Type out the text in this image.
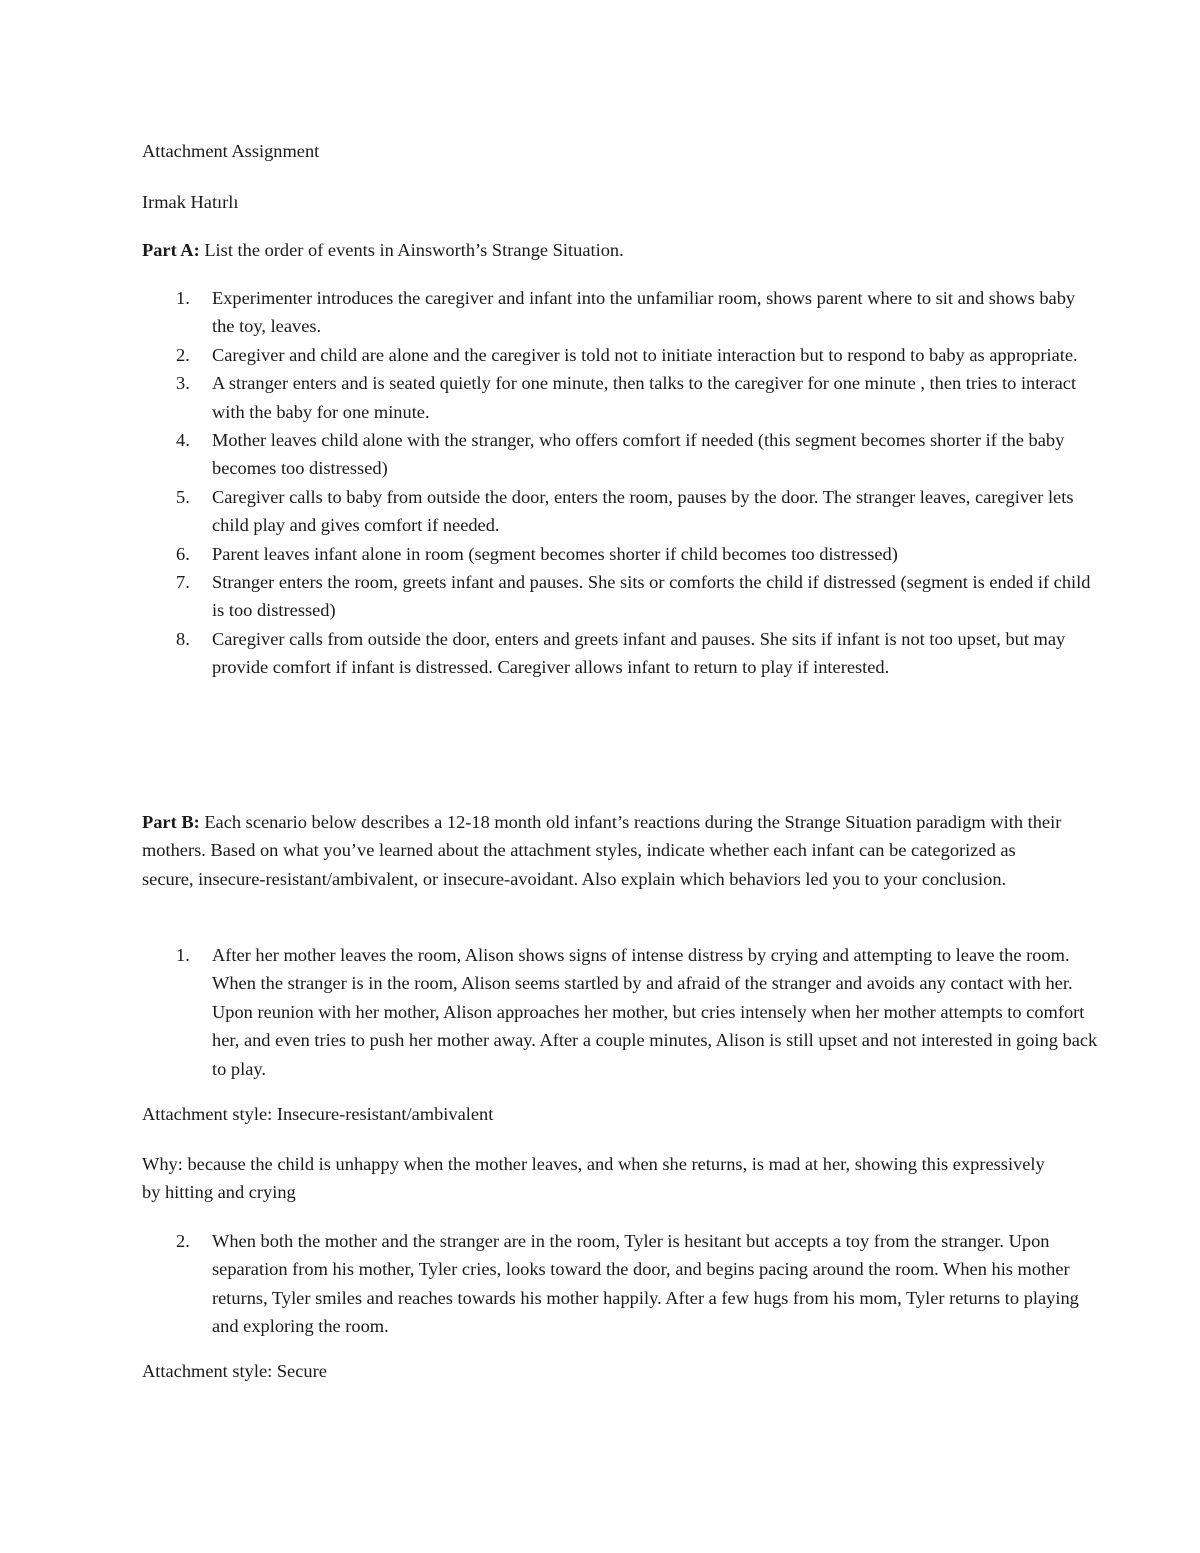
Attachment Assignment
Irmak Hatırlı
Part A: List the order of events in Ainsworth’s Strange Situation.
1. Experimenter introduces the caregiver and infant into the unfamiliar room, shows parent where to sit and shows baby the toy, leaves.
2. Caregiver and child are alone and the caregiver is told not to initiate interaction but to respond to baby as appropriate.
3. A stranger enters and is seated quietly for one minute, then talks to the caregiver for one minute , then tries to interact with the baby for one minute.
4. Mother leaves child alone with the stranger, who offers comfort if needed (this segment becomes shorter if the baby becomes too distressed)
5. Caregiver calls to baby from outside the door, enters the room, pauses by the door. The stranger leaves, caregiver lets child play and gives comfort if needed.
6. Parent leaves infant alone in room (segment becomes shorter if child becomes too distressed)
7. Stranger enters the room, greets infant and pauses. She sits or comforts the child if distressed (segment is ended if child is too distressed)
8. Caregiver calls from outside the door, enters and greets infant and pauses. She sits if infant is not too upset, but may provide comfort if infant is distressed. Caregiver allows infant to return to play if interested.
Part B: Each scenario below describes a 12-18 month old infant’s reactions during the Strange Situation paradigm with their mothers. Based on what you’ve learned about the attachment styles, indicate whether each infant can be categorized as secure, insecure-resistant/ambivalent, or insecure-avoidant. Also explain which behaviors led you to your conclusion.
1. After her mother leaves the room, Alison shows signs of intense distress by crying and attempting to leave the room. When the stranger is in the room, Alison seems startled by and afraid of the stranger and avoids any contact with her. Upon reunion with her mother, Alison approaches her mother, but cries intensely when her mother attempts to comfort her, and even tries to push her mother away. After a couple minutes, Alison is still upset and not interested in going back to play.
Attachment style: Insecure-resistant/ambivalent
Why: because the child is unhappy when the mother leaves, and when she returns, is mad at her, showing this expressively by hitting and crying
2. When both the mother and the stranger are in the room, Tyler is hesitant but accepts a toy from the stranger. Upon separation from his mother, Tyler cries, looks toward the door, and begins pacing around the room. When his mother returns, Tyler smiles and reaches towards his mother happily. After a few hugs from his mom, Tyler returns to playing and exploring the room.
Attachment style: Secure
